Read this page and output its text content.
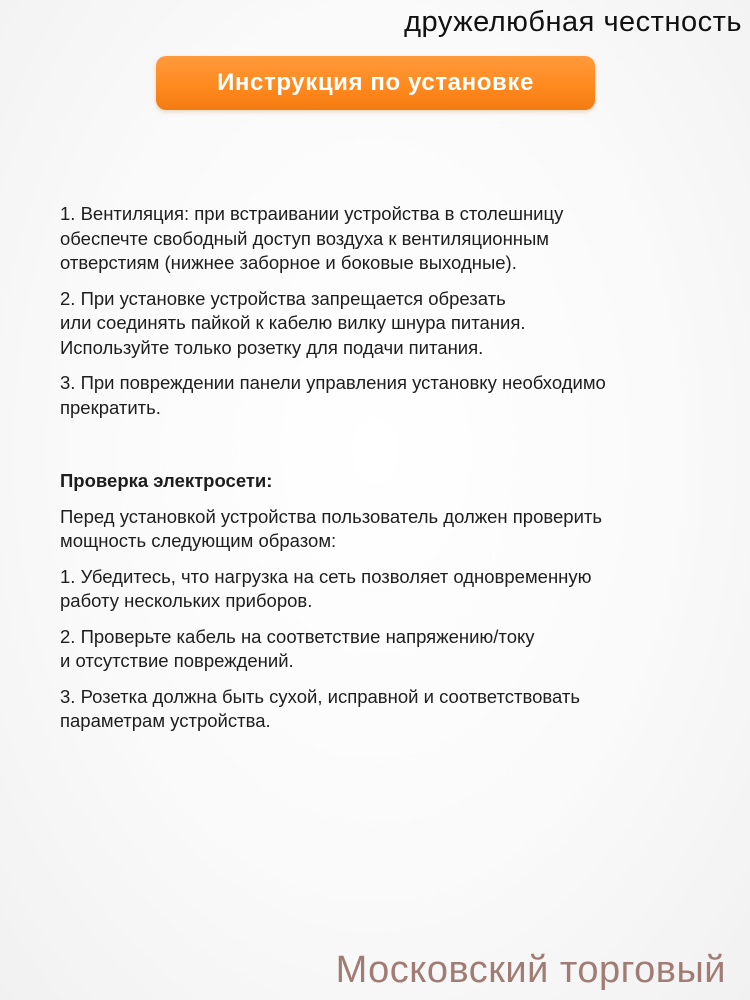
дружелюбная честность
Инструкция по установке
1. Вентиляция: при встраивании устройства в столешницу
обеспечте свободный доступ воздуха к вентиляционным
отверстиям (нижнее заборное и боковые выходные).
2. При установке устройства запрещается обрезать
или соединять пайкой к кабелю вилку шнура питания.
Используйте только розетку для подачи питания.
3. При повреждении панели управления установку необходимо
прекратить.
Проверка электросети:
Перед установкой устройства пользователь должен проверить
мощность следующим образом:
1. Убедитесь, что нагрузка на сеть позволяет одновременную
работу нескольких приборов.
2. Проверьте кабель на соответствие напряжению/току
и отсутствие повреждений.
3. Розетка должна быть сухой, исправной и соответствовать
параметрам устройства.
Московский торговый
